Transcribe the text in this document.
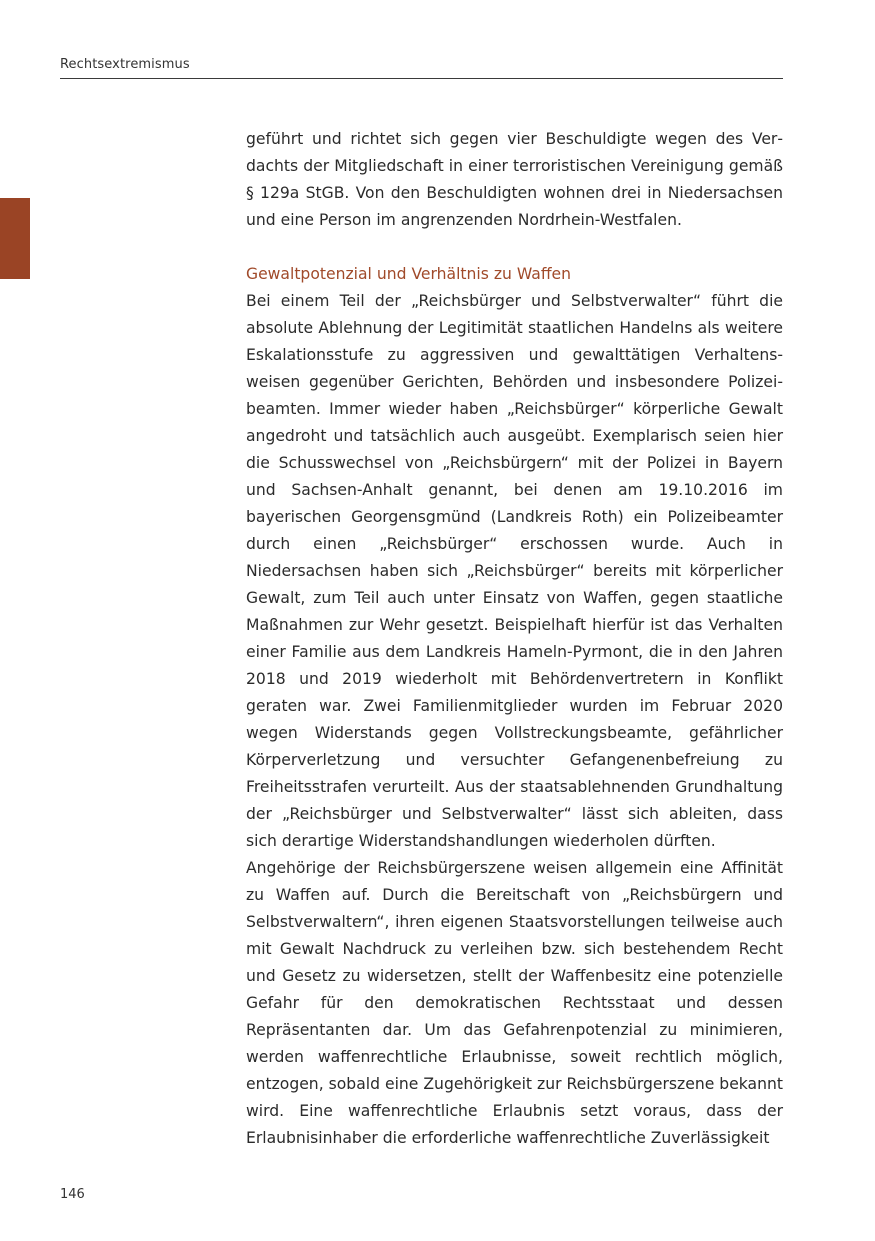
Rechtsextremismus

geführt und richtet sich gegen vier Beschuldigte wegen des Verdachts der Mitgliedschaft in einer terroristischen Vereinigung gemäß § 129a StGB. Von den Beschuldigten wohnen drei in Niedersachsen und eine Person im angrenzenden Nordrhein-Westfalen.

Gewaltpotenzial und Verhältnis zu Waffen

Bei einem Teil der „Reichsbürger und Selbstverwalter“ führt die absolute Ablehnung der Legitimität staatlichen Handelns als weitere Eskalationsstufe zu aggressiven und gewalttätigen Verhaltensweisen gegenüber Gerichten, Behörden und insbesondere Polizeibeamten. Immer wieder haben „Reichsbürger“ körperliche Gewalt angedroht und tatsächlich auch ausgeübt. Exemplarisch seien hier die Schusswechsel von „Reichsbürgern“ mit der Polizei in Bayern und Sachsen-Anhalt genannt, bei denen am 19.10.2016 im bayerischen Georgensgmünd (Landkreis Roth) ein Polizeibeamter durch einen „Reichsbürger“ erschossen wurde. Auch in Niedersachsen haben sich „Reichsbürger“ bereits mit körperlicher Gewalt, zum Teil auch unter Einsatz von Waffen, gegen staatliche Maßnahmen zur Wehr gesetzt. Beispielhaft hierfür ist das Verhalten einer Familie aus dem Landkreis Hameln-Pyrmont, die in den Jahren 2018 und 2019 wiederholt mit Behördenvertretern in Konflikt geraten war. Zwei Familienmitglieder wurden im Februar 2020 wegen Widerstands gegen Vollstreckungsbeamte, gefährlicher Körperverletzung und versuchter Gefangenenbefreiung zu Freiheitsstrafen verurteilt. Aus der staatsablehnenden Grundhaltung der „Reichsbürger und Selbstverwalter“ lässt sich ableiten, dass sich derartige Widerstandshandlungen wiederholen dürften.

Angehörige der Reichsbürgerszene weisen allgemein eine Affinität zu Waffen auf. Durch die Bereitschaft von „Reichsbürgern und Selbstverwaltern“, ihren eigenen Staatsvorstellungen teilweise auch mit Gewalt Nachdruck zu verleihen bzw. sich bestehendem Recht und Gesetz zu widersetzen, stellt der Waffenbesitz eine potenzielle Gefahr für den demokratischen Rechtsstaat und dessen Repräsentanten dar. Um das Gefahrenpotenzial zu minimieren, werden waffenrechtliche Erlaubnisse, soweit rechtlich möglich, entzogen, sobald eine Zugehörigkeit zur Reichsbürgerszene bekannt wird. Eine waffenrechtliche Erlaubnis setzt voraus, dass der Erlaubnisinhaber die erforderliche waffenrechtliche Zuverlässigkeit

146
